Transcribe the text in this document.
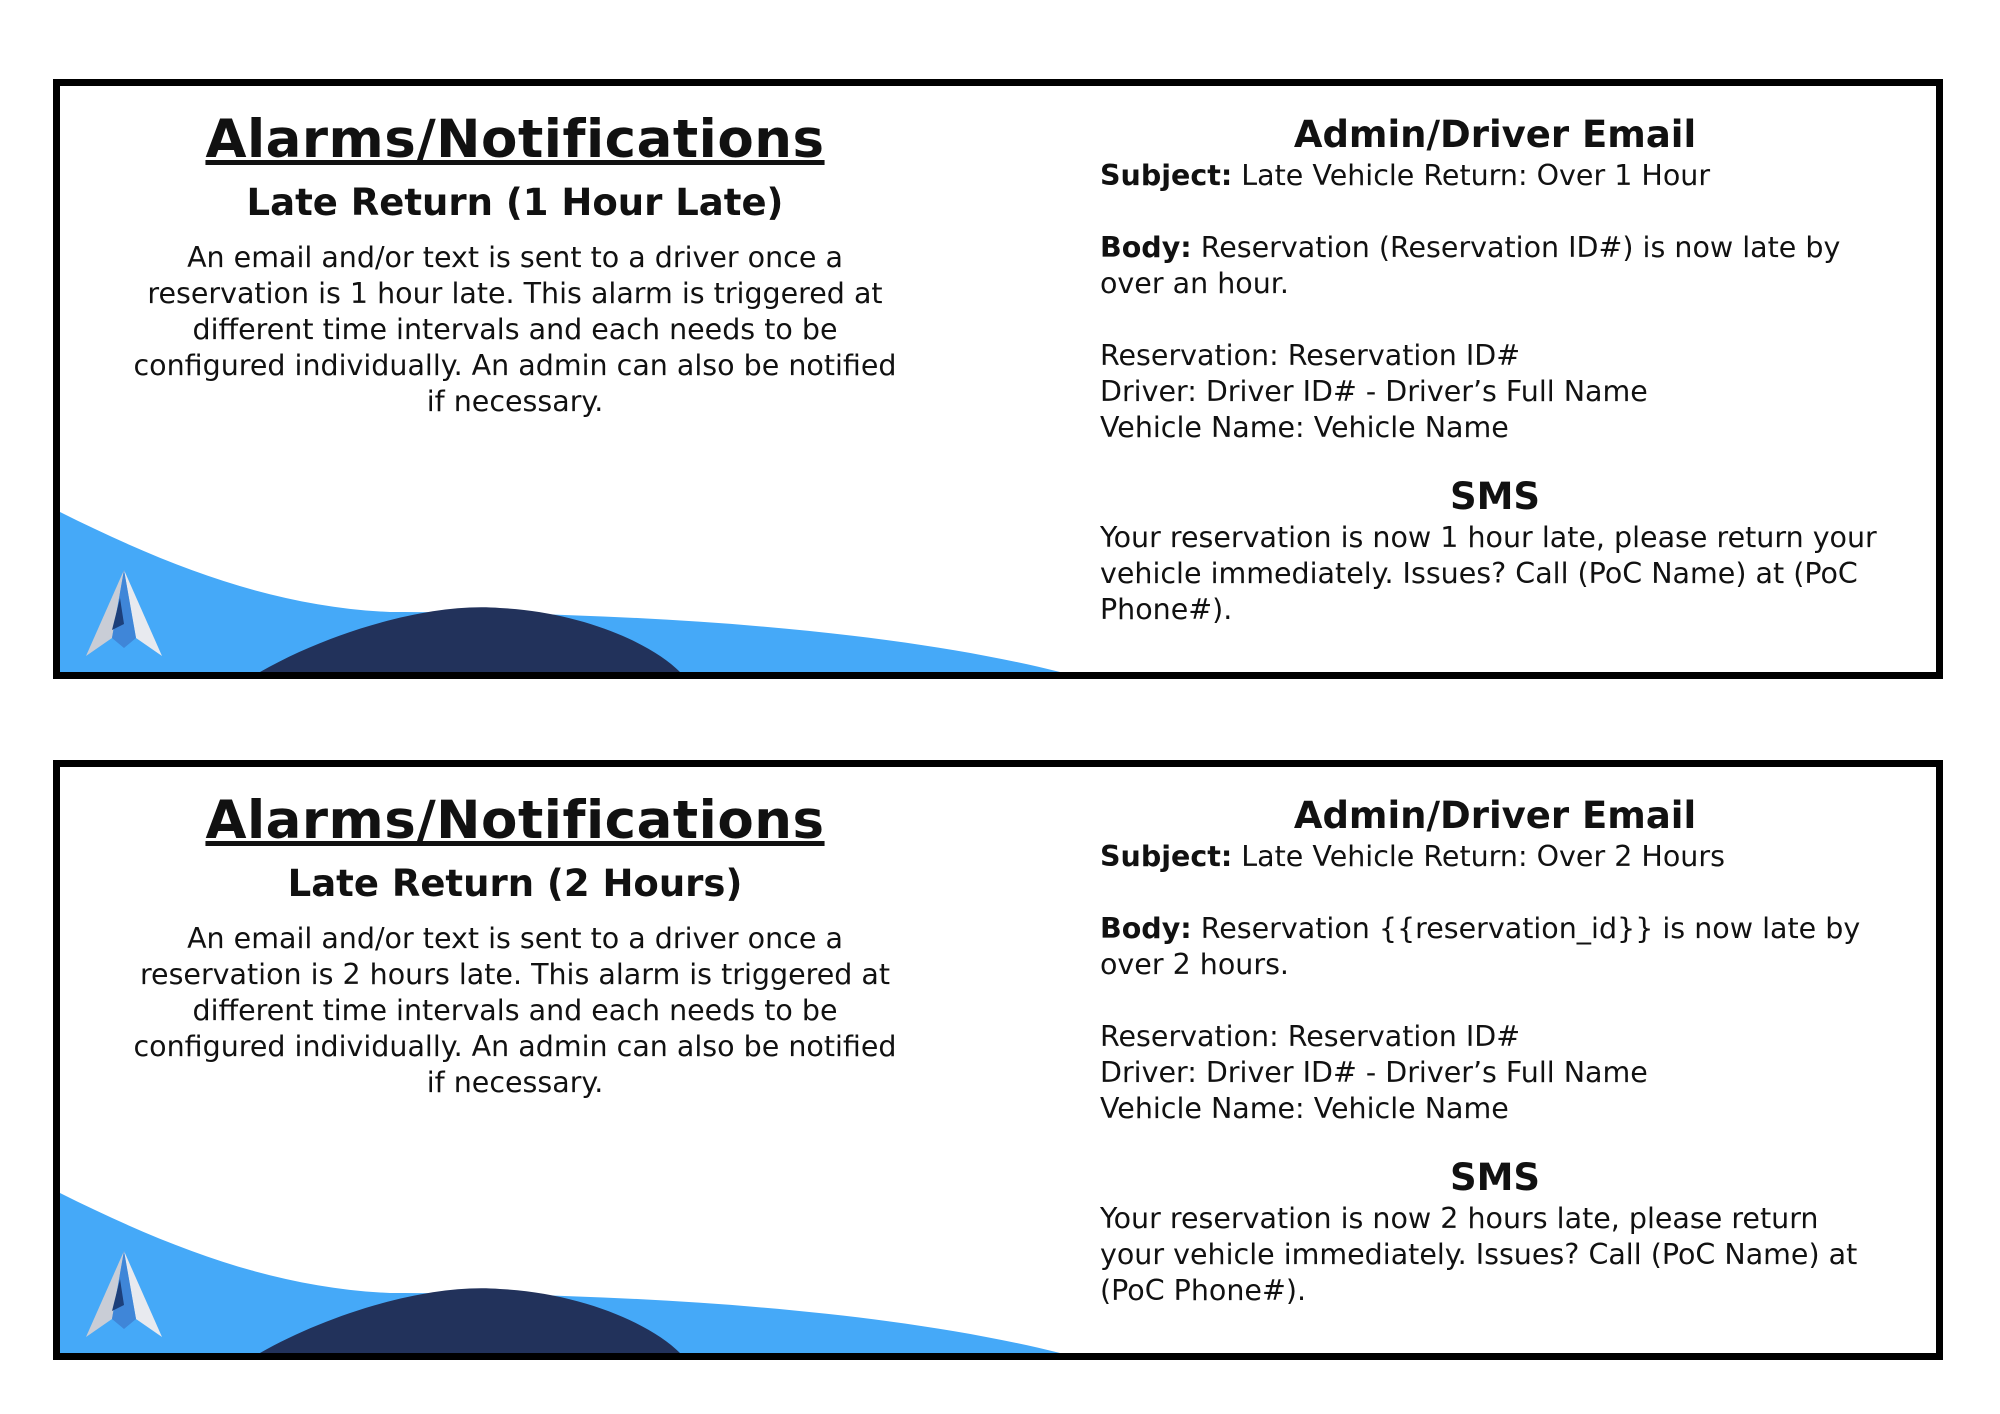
Alarms/Notifications
Late Return (1 Hour Late)

An email and/or text is sent to a driver once a reservation is 1 hour late. This alarm is triggered at different time intervals and each needs to be configured individually. An admin can also be notified if necessary.

Admin/Driver Email

Subject: Late Vehicle Return: Over 1 Hour

Body: Reservation (Reservation ID#) is now late by over an hour.

Reservation: Reservation ID#

Driver: Driver ID# - Driver’s Full Name

Vehicle Name: Vehicle Name

SMS

Your reservation is now 1 hour late, please return your vehicle immediately. Issues? Call (PoC Name) at (PoC Phone#).

Alarms/Notifications
Late Return (2 Hours)

An email and/or text is sent to a driver once a reservation is 2 hours late. This alarm is triggered at different time intervals and each needs to be configured individually. An admin can also be notified if necessary.

Admin/Driver Email

Subject: Late Vehicle Return: Over 2 Hours

Body: Reservation {{reservation_id}} is now late by over 2 hours.

Reservation: Reservation ID#

Driver: Driver ID# - Driver’s Full Name

Vehicle Name: Vehicle Name

SMS

Your reservation is now 2 hours late, please return your vehicle immediately. Issues? Call (PoC Name) at (PoC Phone#).
